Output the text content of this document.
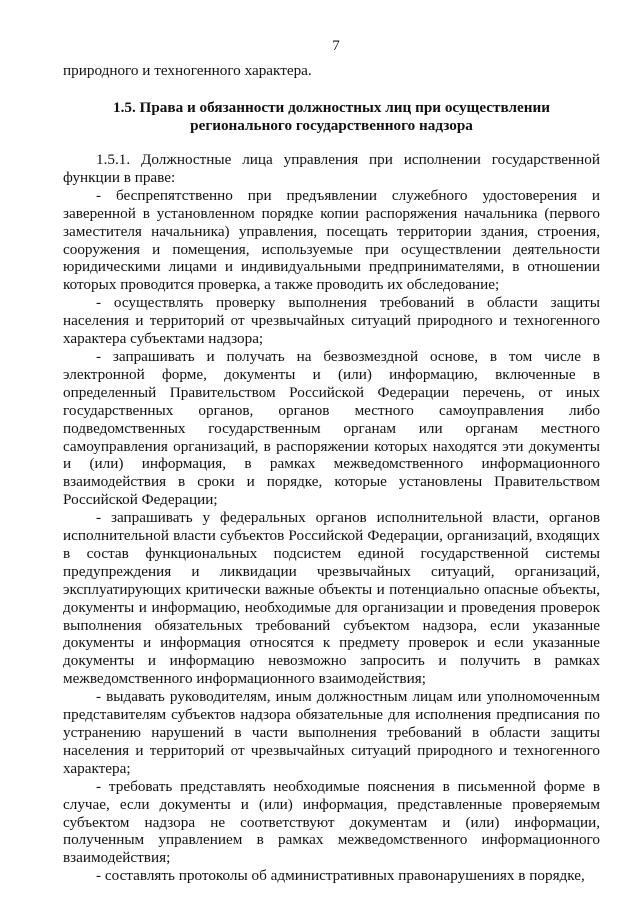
7
природного и техногенного характера.
1.5. Права и обязанности должностных лиц при осуществлении
регионального государственного надзора

1.5.1. Должностные лица управления при исполнении государственной функции в праве:

- беспрепятственно при предъявлении служебного удостоверения и заверенной в установленном порядке копии распоряжения начальника (первого заместителя начальника) управления, посещать территории здания, строения, сооружения и помещения, используемые при осуществлении деятельности юридическими лицами и индивидуальными предпринимателями, в отношении которых проводится проверка, а также проводить их обследование;

- осуществлять проверку выполнения требований в области защиты населения и территорий от чрезвычайных ситуаций природного и техногенного характера субъектами надзора;

- запрашивать и получать на безвозмездной основе, в том числе в электронной форме, документы и (или) информацию, включенные в определенный Правительством Российской Федерации перечень, от иных государственных органов, органов местного самоуправления либо подведомственных государственным органам или органам местного самоуправления организаций, в распоряжении которых находятся эти документы и (или) информация, в рамках межведомственного информационного взаимодействия в сроки и порядке, которые установлены Правительством Российской Федерации;

- запрашивать у федеральных органов исполнительной власти, органов исполнительной власти субъектов Российской Федерации, организаций, входящих в состав функциональных подсистем единой государственной системы предупреждения и ликвидации чрезвычайных ситуаций, организаций, эксплуатирующих критически важные объекты и потенциально опасные объекты, документы и информацию, необходимые для организации и проведения проверок выполнения обязательных требований субъектом надзора, если указанные документы и информация относятся к предмету проверок и если указанные документы и информацию невозможно запросить и получить в рамках межведомственного информационного взаимодействия;

- выдавать руководителям, иным должностным лицам или уполномоченным представителям субъектов надзора обязательные для исполнения предписания по устранению нарушений в части выполнения требований в области защиты населения и территорий от чрезвычайных ситуаций природного и техногенного характера;

- требовать представлять необходимые пояснения в письменной форме в случае, если документы и (или) информация, представленные проверяемым субъектом надзора не соответствуют документам и (или) информации, полученным управлением в рамках межведомственного информационного взаимодействия;

- составлять протоколы об административных правонарушениях в порядке,
